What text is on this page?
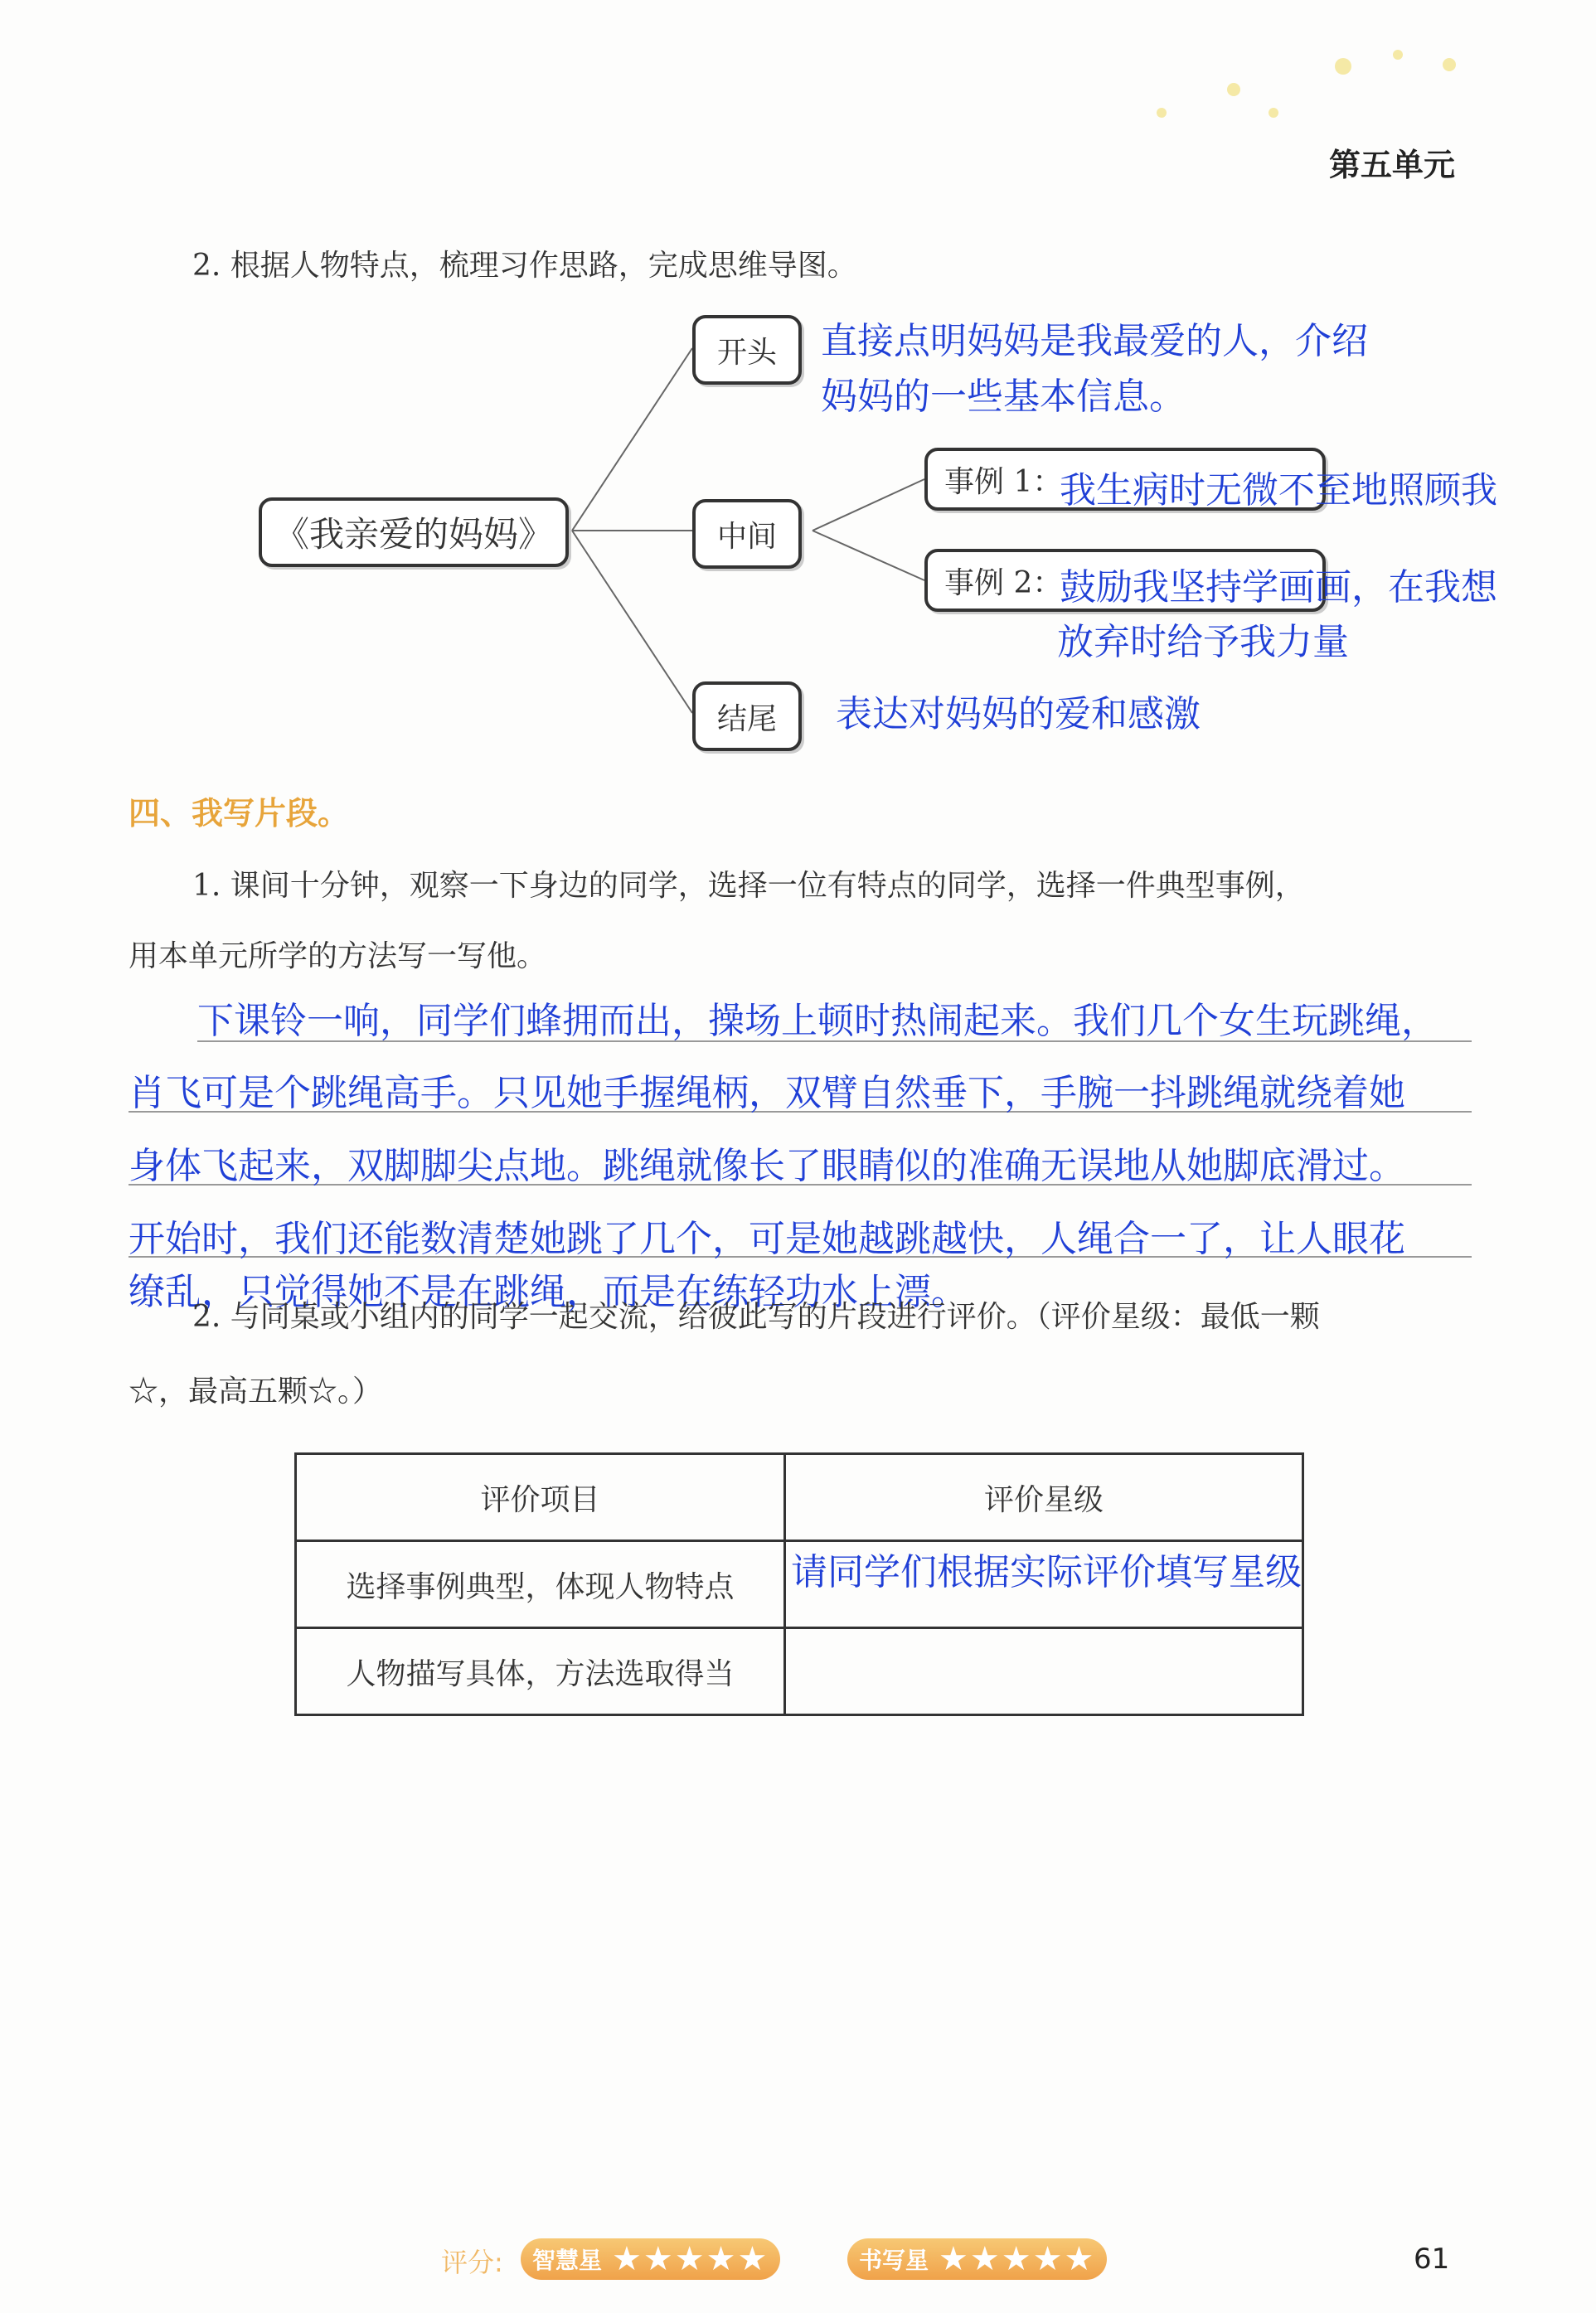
第五单元
2. 根据人物特点，梳理习作思路，完成思维导图。
《我亲爱的妈妈》
开头	直接点明妈妈是我最爱的人，介绍
妈妈的一些基本信息。
中间
事例 1：
我生病时无微不至地照顾我
事例 2：
鼓励我坚持学画画，在我想
放弃时给予我力量
结尾	表达对妈妈的爱和感激
四、我写片段。
1. 课间十分钟，观察一下身边的同学，选择一位有特点的同学，选择一件典型事例，
用本单元所学的方法写一写他。
下课铃一响，同学们蜂拥而出，操场上顿时热闹起来。我们几个女生玩跳绳，
肖飞可是个跳绳高手。只见她手握绳柄，双臂自然垂下，手腕一抖跳绳就绕着她
身体飞起来，双脚脚尖点地。跳绳就像长了眼睛似的准确无误地从她脚底滑过。
开始时，我们还能数清楚她跳了几个，可是她越跳越快，人绳合一了，让人眼花
缭乱，只觉得她不是在跳绳，而是在练轻功水上漂。
2. 与同桌或小组内的同学一起交流，给彼此写的片段进行评价。（评价星级：最低一颗
☆，最高五颗☆。）
评价项目	评价星级
选择事例典型，体现人物特点	请同学们根据实际评价填写星级
人物描写具体，方法选取得当	
评分: 智慧星 ★★★★★	书写星 ★★★★★	61
